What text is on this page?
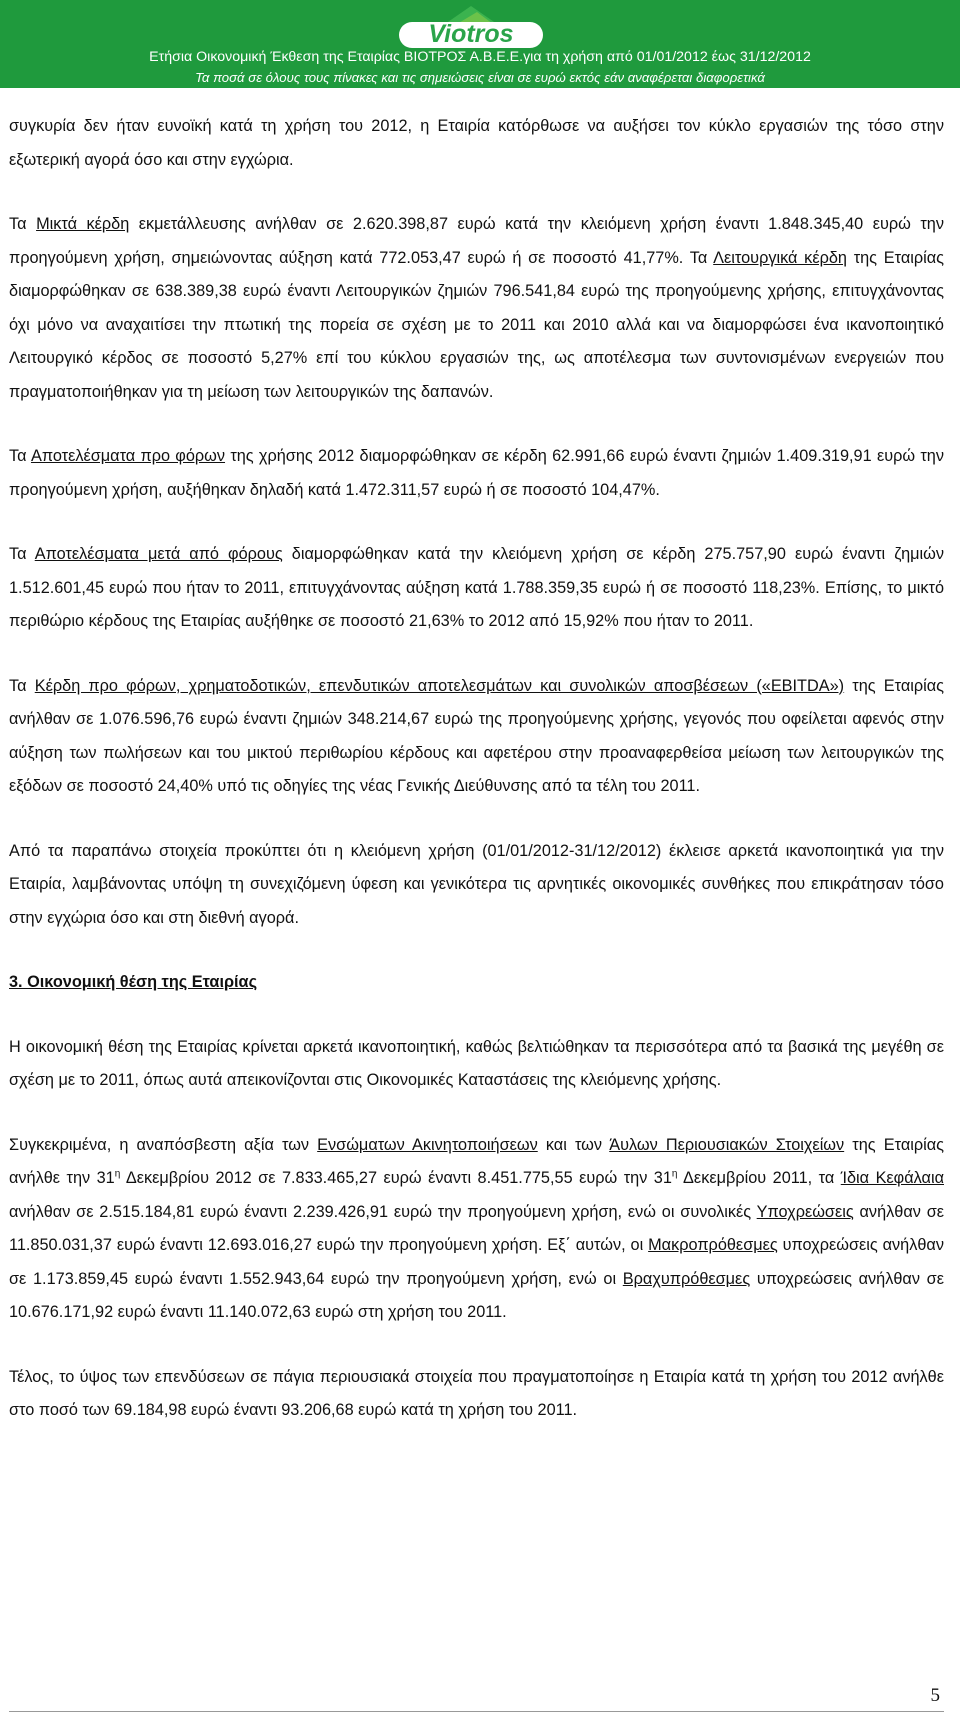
Viotros
Ετήσια Οικονομική Έκθεση της Εταιρίας ΒΙΟΤΡΟΣ Α.Β.Ε.Ε.για τη χρήση από 01/01/2012 έως 31/12/2012
Τα ποσά σε όλους τους πίνακες και τις σημειώσεις είναι σε ευρώ εκτός εάν αναφέρεται διαφορετικά

συγκυρία δεν ήταν ευνοϊκή κατά τη χρήση του 2012, η Εταιρία κατόρθωσε να αυξήσει τον κύκλο εργασιών της τόσο στην εξωτερική αγορά όσο και στην εγχώρια.

Τα Μικτά κέρδη εκμετάλλευσης ανήλθαν σε 2.620.398,87 ευρώ κατά την κλειόμενη χρήση έναντι 1.848.345,40 ευρώ την προηγούμενη χρήση, σημειώνοντας αύξηση κατά 772.053,47 ευρώ ή σε ποσοστό 41,77%. Τα Λειτουργικά κέρδη της Εταιρίας διαμορφώθηκαν σε 638.389,38 ευρώ έναντι Λειτουργικών ζημιών 796.541,84 ευρώ της προηγούμενης χρήσης, επιτυγχάνοντας όχι μόνο να αναχαιτίσει την πτωτική της πορεία σε σχέση με το 2011 και 2010 αλλά και να διαμορφώσει ένα ικανοποιητικό Λειτουργικό κέρδος σε ποσοστό 5,27% επί του κύκλου εργασιών της, ως αποτέλεσμα των συντονισμένων ενεργειών που πραγματοποιήθηκαν για τη μείωση των λειτουργικών της δαπανών.

Τα Αποτελέσματα προ φόρων της χρήσης 2012 διαμορφώθηκαν σε κέρδη 62.991,66 ευρώ έναντι ζημιών 1.409.319,91 ευρώ την προηγούμενη χρήση, αυξήθηκαν δηλαδή κατά 1.472.311,57 ευρώ ή σε ποσοστό 104,47%.

Τα Αποτελέσματα μετά από φόρους διαμορφώθηκαν κατά την κλειόμενη χρήση σε κέρδη 275.757,90 ευρώ έναντι ζημιών 1.512.601,45 ευρώ που ήταν το 2011, επιτυγχάνοντας αύξηση κατά 1.788.359,35 ευρώ ή σε ποσοστό 118,23%. Επίσης, το μικτό περιθώριο κέρδους της Εταιρίας αυξήθηκε σε ποσοστό 21,63% το 2012 από 15,92% που ήταν το 2011.

Τα Κέρδη προ φόρων, χρηματοδοτικών, επενδυτικών αποτελεσμάτων και συνολικών αποσβέσεων («EBITDA») της Εταιρίας ανήλθαν σε 1.076.596,76 ευρώ έναντι ζημιών 348.214,67 ευρώ της προηγούμενης χρήσης, γεγονός που οφείλεται αφενός στην αύξηση των πωλήσεων και του μικτού περιθωρίου κέρδους και αφετέρου στην προαναφερθείσα μείωση των λειτουργικών της εξόδων σε ποσοστό 24,40% υπό τις οδηγίες της νέας Γενικής Διεύθυνσης από τα τέλη του 2011.

Από τα παραπάνω στοιχεία προκύπτει ότι η κλειόμενη χρήση (01/01/2012-31/12/2012) έκλεισε αρκετά ικανοποιητικά για την Εταιρία, λαμβάνοντας υπόψη τη συνεχιζόμενη ύφεση και γενικότερα τις αρνητικές οικονομικές συνθήκες που επικράτησαν τόσο στην εγχώρια όσο και στη διεθνή αγορά.

3. Οικονομική θέση της Εταιρίας

Η οικονομική θέση της Εταιρίας κρίνεται αρκετά ικανοποιητική, καθώς βελτιώθηκαν τα περισσότερα από τα βασικά της μεγέθη σε σχέση με το 2011, όπως αυτά απεικονίζονται στις Οικονομικές Καταστάσεις της κλειόμενης χρήσης.

Συγκεκριμένα, η αναπόσβεστη αξία των Ενσώματων Ακινητοποιήσεων και των Άυλων Περιουσιακών Στοιχείων της Εταιρίας ανήλθε την $31^\eta$ Δεκεμβρίου 2012 σε 7.833.465,27 ευρώ έναντι 8.451.775,55 ευρώ την $31^\eta$ Δεκεμβρίου 2011, τα Ίδια Κεφάλαια ανήλθαν σε 2.515.184,81 ευρώ έναντι 2.239.426,91 ευρώ την προηγούμενη χρήση, ενώ οι συνολικές Υποχρεώσεις ανήλθαν σε 11.850.031,37 ευρώ έναντι 12.693.016,27 ευρώ την προηγούμενη χρήση. Εξ΄ αυτών, οι Μακροπρόθεσμες υποχρεώσεις ανήλθαν σε 1.173.859,45 ευρώ έναντι 1.552.943,64 ευρώ την προηγούμενη χρήση, ενώ οι Βραχυπρόθεσμες υποχρεώσεις ανήλθαν σε 10.676.171,92 ευρώ έναντι 11.140.072,63 ευρώ στη χρήση του 2011.

Τέλος, το ύψος των επενδύσεων σε πάγια περιουσιακά στοιχεία που πραγματοποίησε η Εταιρία κατά τη χρήση του 2012 ανήλθε στο ποσό των 69.184,98 ευρώ έναντι 93.206,68 ευρώ κατά τη χρήση του 2011.

5
